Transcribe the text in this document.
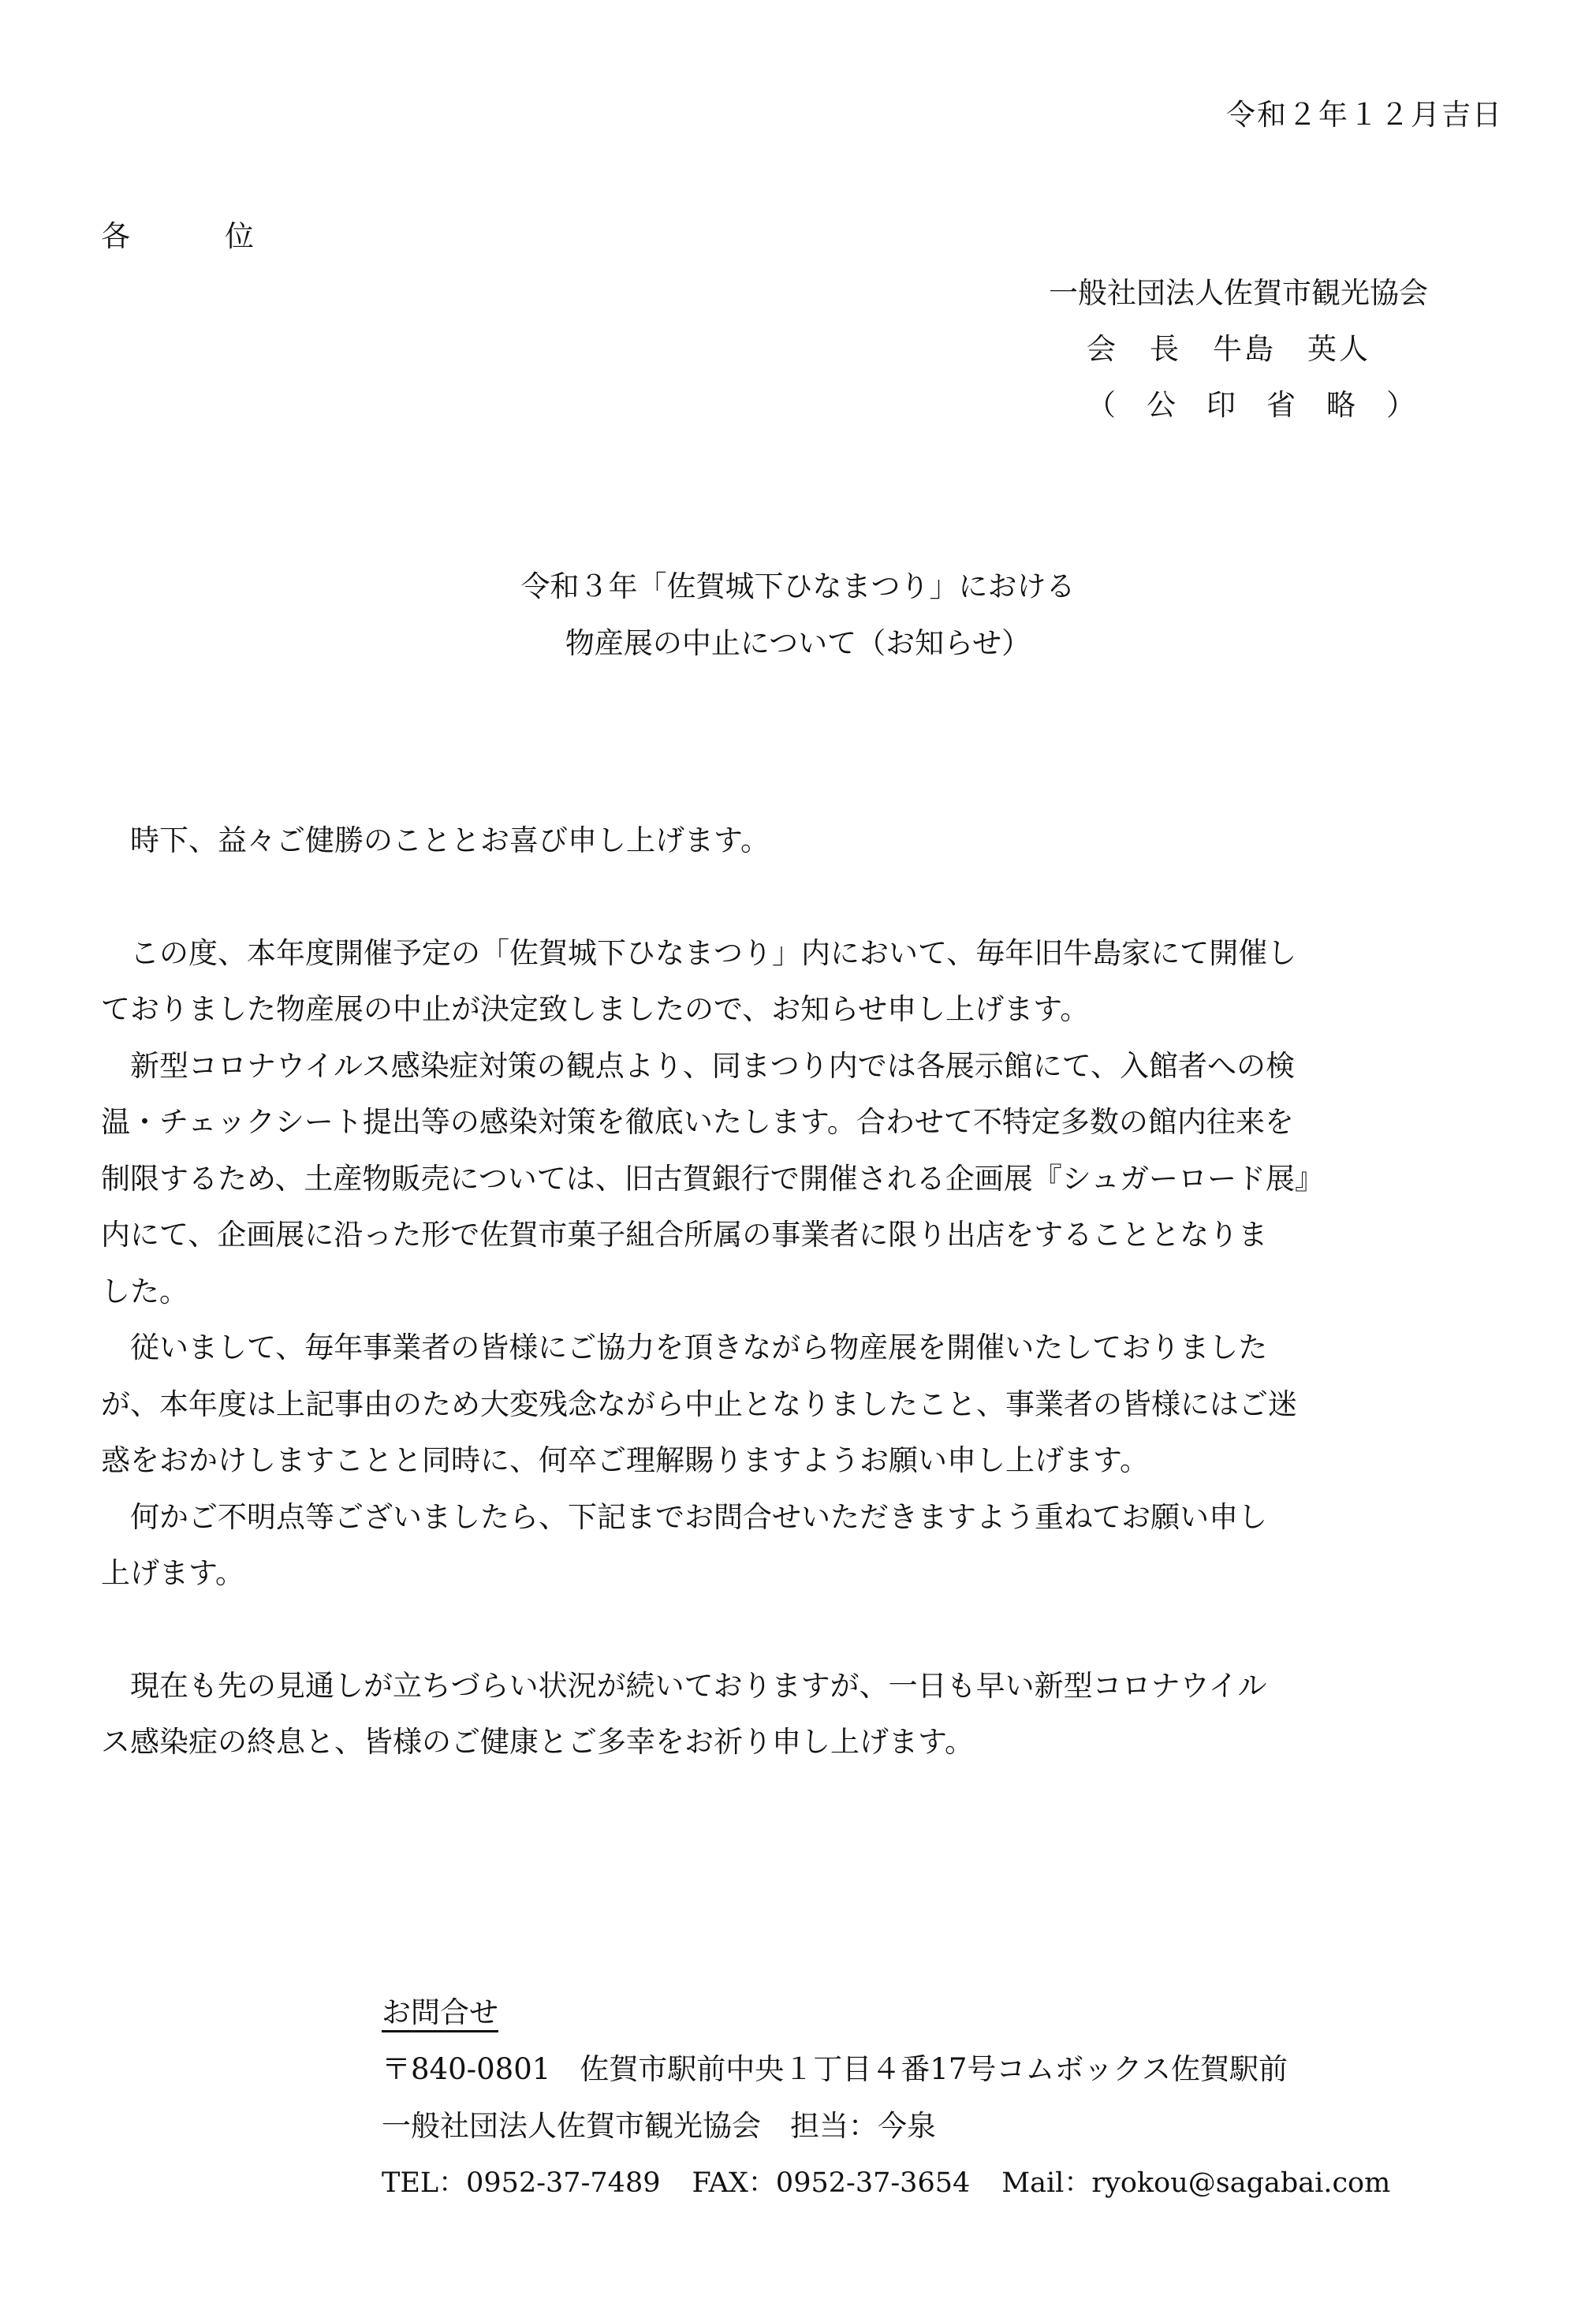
令和２年１２月吉日
各	位
一般社団法人佐賀市観光協会
会　長　牛島　英人
（ 公 印 省 略 ）
令和３年「佐賀城下ひなまつり」における
物産展の中止について（お知らせ）

時下、益々ご健勝のこととお喜び申し上げます。

この度、本年度開催予定の「佐賀城下ひなまつり」内において、毎年旧牛島家にて開催し
ておりました物産展の中止が決定致しましたので、お知らせ申し上げます。

新型コロナウイルス感染症対策の観点より、同まつり内では各展示館にて、入館者への検
温・チェックシート提出等の感染対策を徹底いたします。合わせて不特定多数の館内往来を
制限するため、土産物販売については、旧古賀銀行で開催される企画展『シュガーロード展』
内にて、企画展に沿った形で佐賀市菓子組合所属の事業者に限り出店をすることとなりま
した。

従いまして、毎年事業者の皆様にご協力を頂きながら物産展を開催いたしておりました
が、本年度は上記事由のため大変残念ながら中止となりましたこと、事業者の皆様にはご迷
惑をおかけしますことと同時に、何卒ご理解賜りますようお願い申し上げます。

何かご不明点等ございましたら、下記までお問合せいただきますよう重ねてお願い申し
上げます。

現在も先の見通しが立ちづらい状況が続いておりますが、一日も早い新型コロナウイル
ス感染症の終息と、皆様のご健康とご多幸をお祈り申し上げます。

お問合せ
〒840-0801　佐賀市駅前中央１丁目４番17号コムボックス佐賀駅前
一般社団法人佐賀市観光協会　担当：今泉
TEL：0952-37-7489 FAX：0952-37-3654 Mail：ryokou@sagabai.com
